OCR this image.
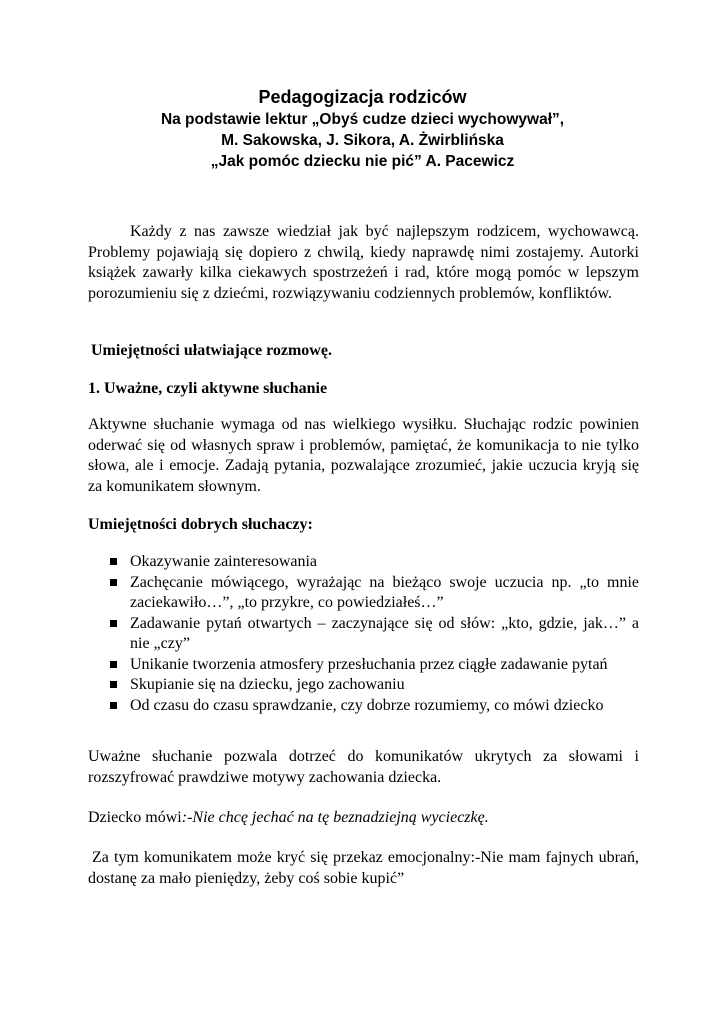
Pedagogizacja rodziców
Na podstawie lektur „Obyś cudze dzieci wychowywał”,
M. Sakowska, J. Sikora, A. Żwirblińska
„Jak pomóc dziecku nie pić” A. Pacewicz

Każdy z nas zawsze wiedział jak być najlepszym rodzicem, wychowawcą. Problemy pojawiają się dopiero z chwilą, kiedy naprawdę nimi zostajemy. Autorki książek zawarły kilka ciekawych spostrzeżeń i rad, które mogą pomóc w lepszym porozumieniu się z dziećmi, rozwiązywaniu codziennych problemów, konfliktów.

Umiejętności ułatwiające rozmowę.

1. Uważne, czyli aktywne słuchanie

Aktywne słuchanie wymaga od nas wielkiego wysiłku. Słuchając rodzic powinien oderwać się od własnych spraw i problemów, pamiętać, że komunikacja to nie tylko słowa, ale i emocje. Zadają pytania, pozwalające zrozumieć, jakie uczucia kryją się za komunikatem słownym.

Umiejętności dobrych słuchaczy:

Okazywanie zainteresowania
Zachęcanie mówiącego, wyrażając na bieżąco swoje uczucia np. „to mnie zaciekawiło…”, „to przykre, co powiedziałeś…”
Zadawanie pytań otwartych – zaczynające się od słów: „kto, gdzie, jak…” a nie „czy”
Unikanie tworzenia atmosfery przesłuchania przez ciągłe zadawanie pytań
Skupianie się na dziecku, jego zachowaniu
Od czasu do czasu sprawdzanie, czy dobrze rozumiemy, co mówi dziecko

Uważne słuchanie pozwala dotrzeć do komunikatów ukrytych za słowami i rozszyfrować prawdziwe motywy zachowania dziecka.

Dziecko mówi:-Nie chcę jechać na tę beznadziejną wycieczkę.

Za tym komunikatem może kryć się przekaz emocjonalny:-Nie mam fajnych ubrań, dostanę za mało pieniędzy, żeby coś sobie kupić”
